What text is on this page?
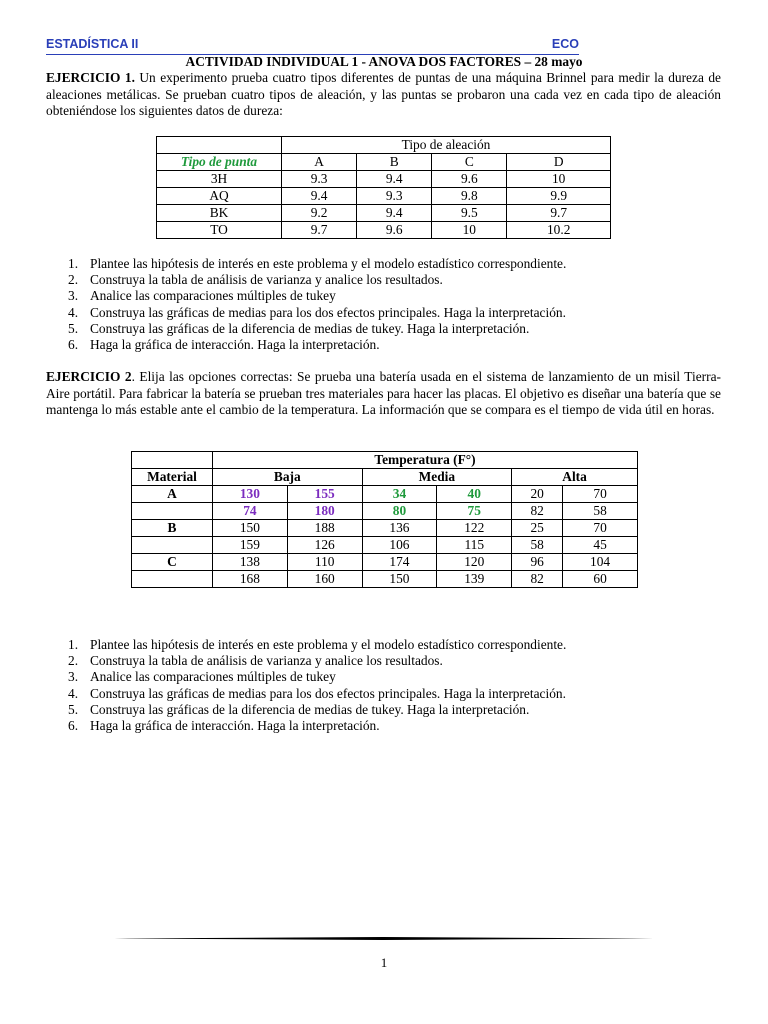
ESTADÍSTICA II	ECO
ACTIVIDAD INDIVIDUAL 1 - ANOVA DOS FACTORES – 28 mayo
EJERCICIO 1. Un experimento prueba cuatro tipos diferentes de puntas de una máquina Brinnel para medir la dureza de aleaciones metálicas. Se prueban cuatro tipos de aleación, y las puntas se probaron una cada vez en cada tipo de aleación obteniéndose los siguientes datos de dureza:
	Tipo de aleación			
Tipo de punta	A	B	C	D
3H	9.3	9.4	9.6	10
AQ	9.4	9.3	9.8	9.9
BK	9.2	9.4	9.5	9.7
TO	9.7	9.6	10	10.2
1. Plantee las hipótesis de interés en este problema y el modelo estadístico correspondiente.
2. Construya la tabla de análisis de varianza y analice los resultados.
3. Analice las comparaciones múltiples de tukey
4. Construya las gráficas de medias para los dos efectos principales. Haga la interpretación.
5. Construya las gráficas de la diferencia de medias de tukey. Haga la interpretación.
6. Haga la gráfica de interacción. Haga la interpretación.
EJERCICIO 2. Elija las opciones correctas: Se prueba una batería usada en el sistema de lanzamiento de un misil Tierra-Aire portátil. Para fabricar la batería se prueban tres materiales para hacer las placas. El objetivo es diseñar una batería que se mantenga lo más estable ante el cambio de la temperatura. La información que se compara es el tiempo de vida útil en horas.
	Temperatura (F°)					
Material	Baja		Media		Alta	
A	130	155	34	40	20	70
	74	180	80	75	82	58
B	150	188	136	122	25	70
	159	126	106	115	58	45
C	138	110	174	120	96	104
	168	160	150	139	82	60
1. Plantee las hipótesis de interés en este problema y el modelo estadístico correspondiente.
2. Construya la tabla de análisis de varianza y analice los resultados.
3. Analice las comparaciones múltiples de tukey
4. Construya las gráficas de medias para los dos efectos principales. Haga la interpretación.
5. Construya las gráficas de la diferencia de medias de tukey. Haga la interpretación.
6. Haga la gráfica de interacción. Haga la interpretación.
1
